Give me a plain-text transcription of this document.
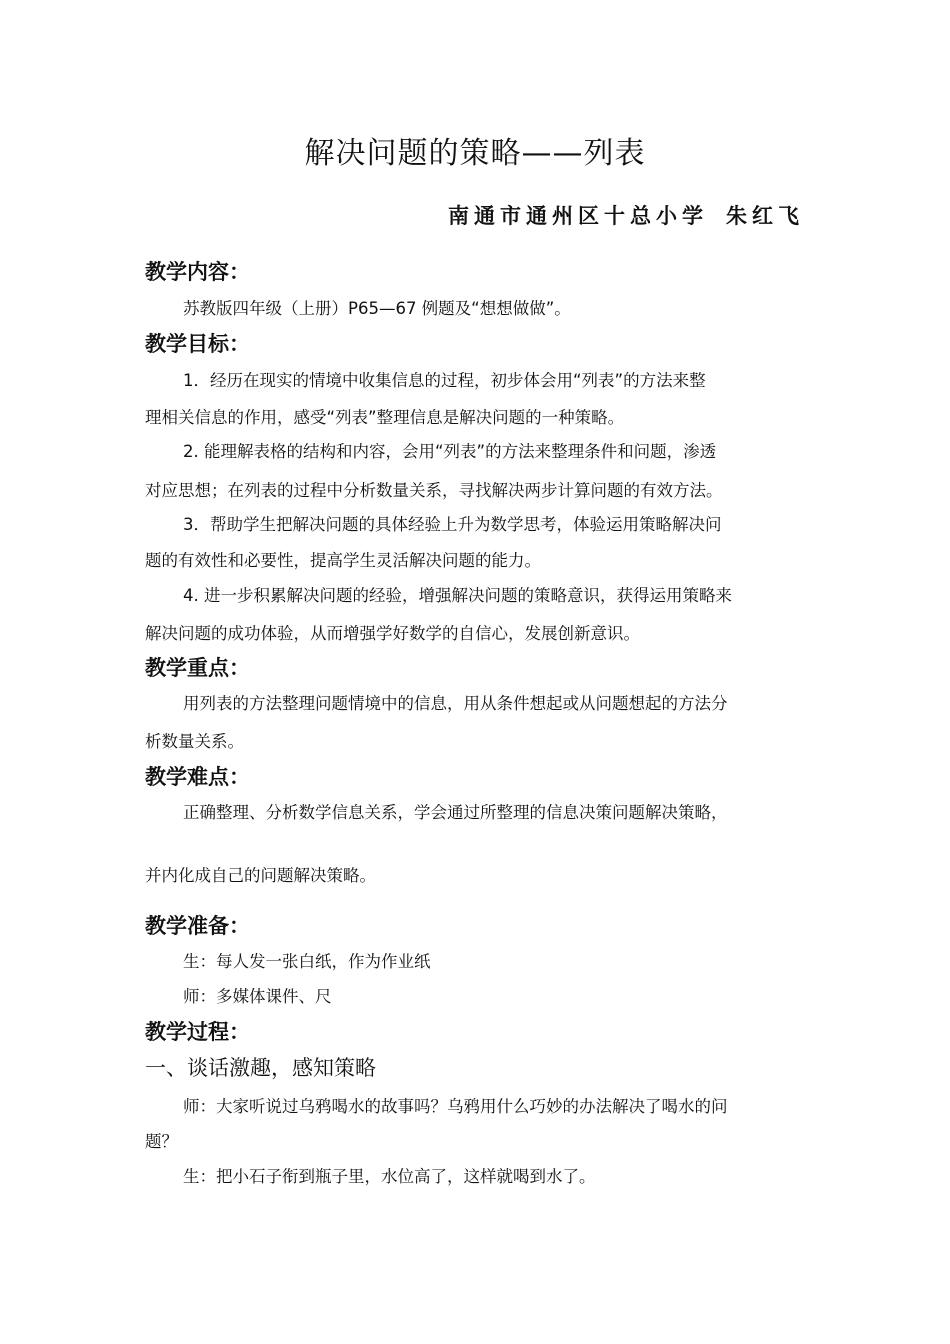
解决问题的策略——列表
南通市通州区十总小学 朱红飞
教学内容：
苏教版四年级（上册）P65—67 例题及“想想做做”。
教学目标：
1．经历在现实的情境中收集信息的过程，初步体会用“列表”的方法来整
理相关信息的作用，感受“列表”整理信息是解决问题的一种策略。
2. 能理解表格的结构和内容，会用“列表”的方法来整理条件和问题，渗透
对应思想；在列表的过程中分析数量关系，寻找解决两步计算问题的有效方法。
3．帮助学生把解决问题的具体经验上升为数学思考，体验运用策略解决问
题的有效性和必要性，提高学生灵活解决问题的能力。
4. 进一步积累解决问题的经验，增强解决问题的策略意识，获得运用策略来
解决问题的成功体验，从而增强学好数学的自信心，发展创新意识。
教学重点：
用列表的方法整理问题情境中的信息，用从条件想起或从问题想起的方法分
析数量关系。
教学难点：
正确整理、分析数学信息关系，学会通过所整理的信息决策问题解决策略，
并内化成自己的问题解决策略。
教学准备：
生：每人发一张白纸，作为作业纸
师：多媒体课件、尺
教学过程：
一、谈话激趣，感知策略
师：大家听说过乌鸦喝水的故事吗？乌鸦用什么巧妙的办法解决了喝水的问
题？
生：把小石子衔到瓶子里，水位高了，这样就喝到水了。
